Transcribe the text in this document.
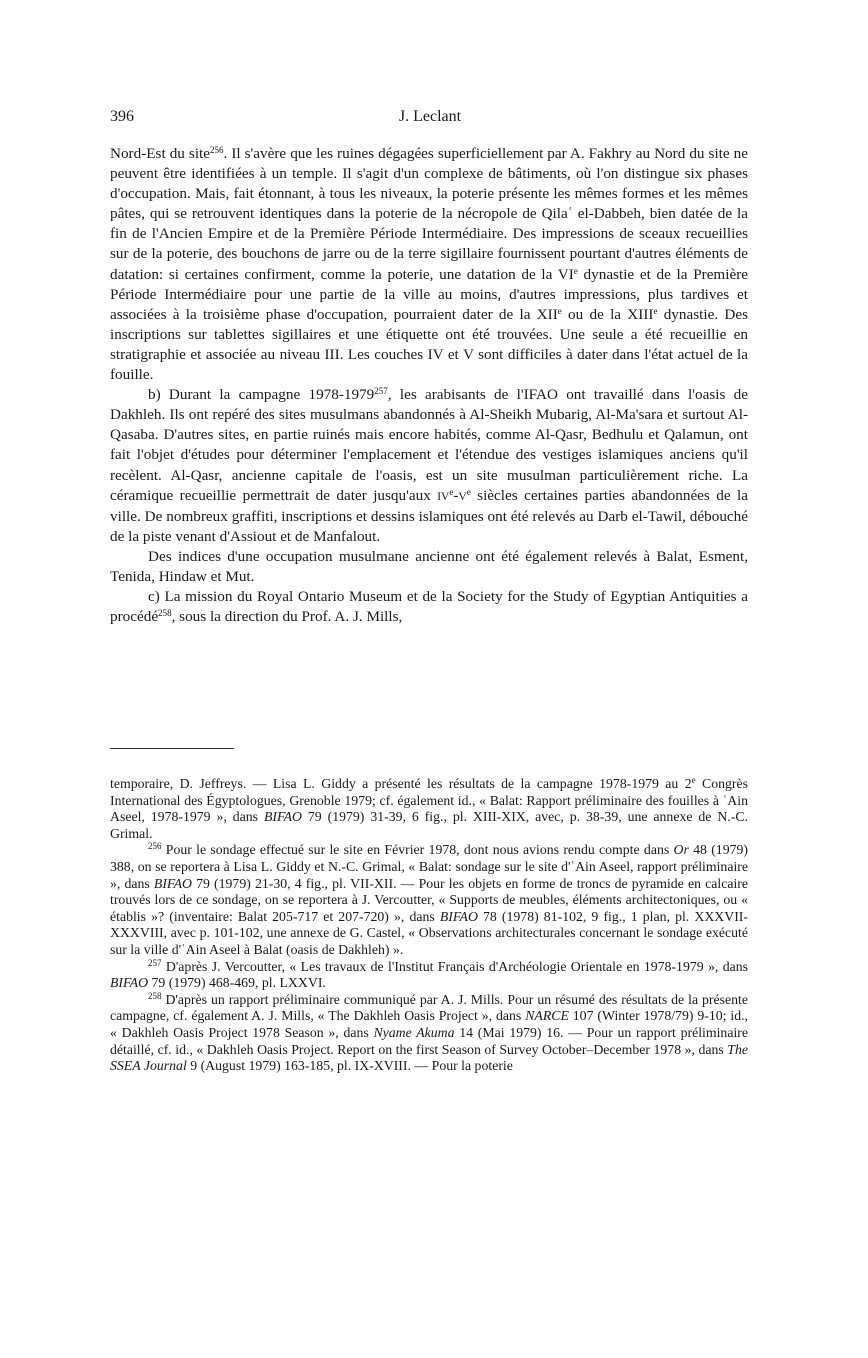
396	J. Leclant

Nord-Est du site$^{256}$. Il s'avère que les ruines dégagées superficiellement par A. Fakhry au Nord du site ne peuvent être identifiées à un temple. Il s'agit d'un complexe de bâtiments, où l'on distingue six phases d'occupation. Mais, fait étonnant, à tous les niveaux, la poterie présente les mêmes formes et les mêmes pâtes, qui se retrouvent identiques dans la poterie de la nécropole de Qilaʿ el-Dabbeh, bien datée de la fin de l'Ancien Empire et de la Première Période Intermédiaire. Des impressions de sceaux recueillies sur de la poterie, des bouchons de jarre ou de la terre sigillaire fournissent pourtant d'autres éléments de datation: si certaines confirment, comme la poterie, une datation de la VIe dynastie et de la Première Période Intermédiaire pour une partie de la ville au moins, d'autres impressions, plus tardives et associées à la troisième phase d'occupation, pourraient dater de la XIIe ou de la XIIIe dynastie. Des inscriptions sur tablettes sigillaires et une étiquette ont été trouvées. Une seule a été recueillie en stratigraphie et associée au niveau III. Les couches IV et V sont difficiles à dater dans l'état actuel de la fouille.

b) Durant la campagne 1978-1979$^{257}$, les arabisants de l'IFAO ont travaillé dans l'oasis de Dakhleh. Ils ont repéré des sites musulmans abandonnés à Al-Sheikh Mubarig, Al-Ma'sara et surtout Al-Qasaba. D'autres sites, en partie ruinés mais encore habités, comme Al-Qasr, Bedhulu et Qalamun, ont fait l'objet d'études pour déterminer l'emplacement et l'étendue des vestiges islamiques anciens qu'il recèlent. Al-Qasr, ancienne capitale de l'oasis, est un site musulman particulièrement riche. La céramique recueillie permettrait de dater jusqu'aux IVe-Ve siècles certaines parties abandonnées de la ville. De nombreux graffiti, inscriptions et dessins islamiques ont été relevés au Darb el-Tawil, débouché de la piste venant d'Assiout et de Manfalout.

Des indices d'une occupation musulmane ancienne ont été également relevés à Balat, Esment, Tenida, Hindaw et Mut.

c) La mission du Royal Ontario Museum et de la Society for the Study of Egyptian Antiquities a procédé$^{258}$, sous la direction du Prof. A. J. Mills,

temporaire, D. Jeffreys. — Lisa L. Giddy a présenté les résultats de la campagne 1978-1979 au 2e Congrès International des Égyptologues, Grenoble 1979; cf. également id., « Balat: Rapport préliminaire des fouilles à ʿAin Aseel, 1978-1979 », dans BIFAO 79 (1979) 31-39, 6 fig., pl. XIII-XIX, avec, p. 38-39, une annexe de N.-C. Grimal.

$^{256}$ Pour le sondage effectué sur le site en Février 1978, dont nous avions rendu compte dans Or 48 (1979) 388, on se reportera à Lisa L. Giddy et N.-C. Grimal, « Balat: sondage sur le site d'ʿAin Aseel, rapport préliminaire », dans BIFAO 79 (1979) 21-30, 4 fig., pl. VII-XII. — Pour les objets en forme de troncs de pyramide en calcaire trouvés lors de ce sondage, on se reportera à J. Vercoutter, « Supports de meubles, éléments architectoniques, ou « établis »? (inventaire: Balat 205-717 et 207-720) », dans BIFAO 78 (1978) 81-102, 9 fig., 1 plan, pl. XXXVII-XXXVIII, avec p. 101-102, une annexe de G. Castel, « Observations architecturales concernant le sondage exécuté sur la ville d'ʿAin Aseel à Balat (oasis de Dakhleh) ».

$^{257}$ D'après J. Vercoutter, « Les travaux de l'Institut Français d'Archéologie Orientale en 1978-1979 », dans BIFAO 79 (1979) 468-469, pl. LXXVI.

$^{258}$ D'après un rapport préliminaire communiqué par A. J. Mills. Pour un résumé des résultats de la présente campagne, cf. également A. J. Mills, « The Dakhleh Oasis Project », dans NARCE 107 (Winter 1978/79) 9-10; id., « Dakhleh Oasis Project 1978 Season », dans Nyame Akuma 14 (Mai 1979) 16. — Pour un rapport préliminaire détaillé, cf. id., « Dakhleh Oasis Project. Report on the first Season of Survey October–December 1978 », dans The SSEA Journal 9 (August 1979) 163-185, pl. IX-XVIII. — Pour la poterie
